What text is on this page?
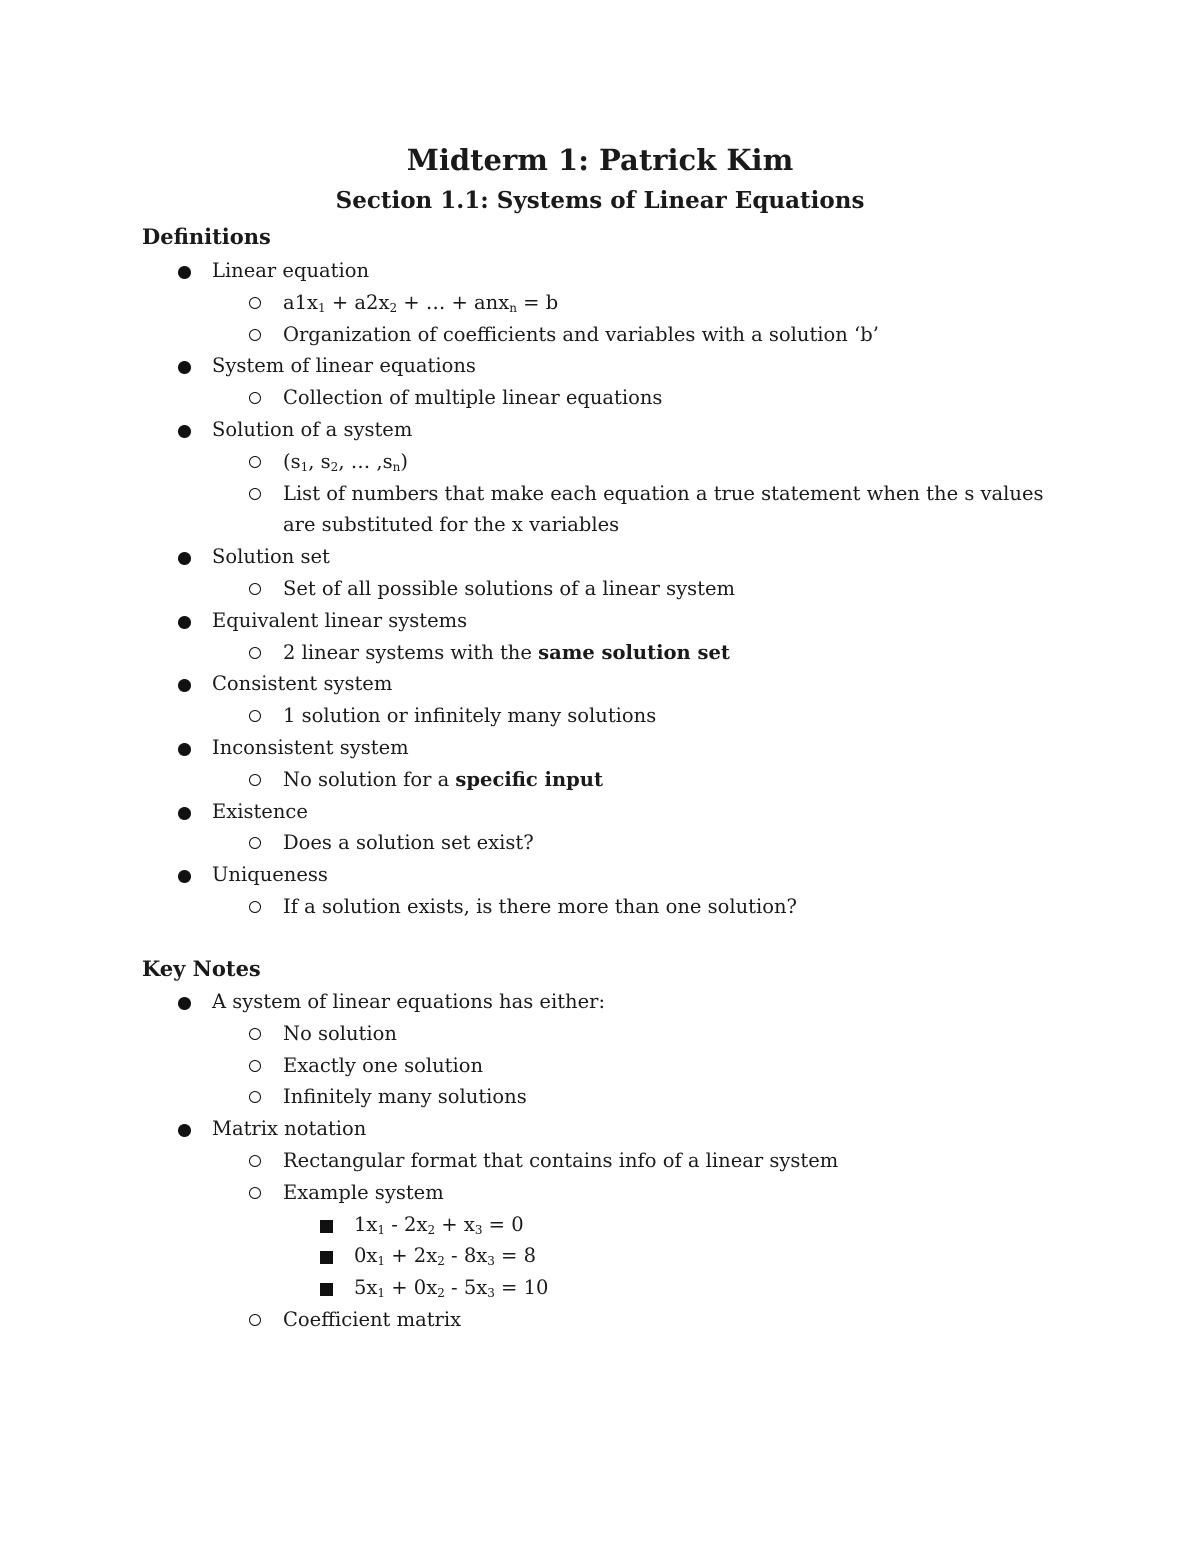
Midterm 1: Patrick Kim
Section 1.1: Systems of Linear Equations
Definitions
Linear equation
$a1x_1 + a2x_2$ + … + anx$_n$ = b
Organization of coefficients and variables with a solution ‘b’
System of linear equations
Collection of multiple linear equations
Solution of a system
($s_1$, $s_2$, … $,s_n$)
List of numbers that make each equation a true statement when the s values are substituted for the x variables
Solution set
Set of all possible solutions of a linear system
Equivalent linear systems
2 linear systems with the same solution set
Consistent system
1 solution or infinitely many solutions
Inconsistent system
No solution for a specific input
Existence
Does a solution set exist?
Uniqueness
If a solution exists, is there more than one solution?
Key Notes
A system of linear equations has either:
No solution
Exactly one solution
Infinitely many solutions
Matrix notation
Rectangular format that contains info of a linear system
Example system
$1x_1 - 2x_2 + x_3 = 0$
$0x_1 + 2x_2 - 8x_3 = 8$
$5x_1 + 0x_2 - 5x_3 = 10$
Coefficient matrix
